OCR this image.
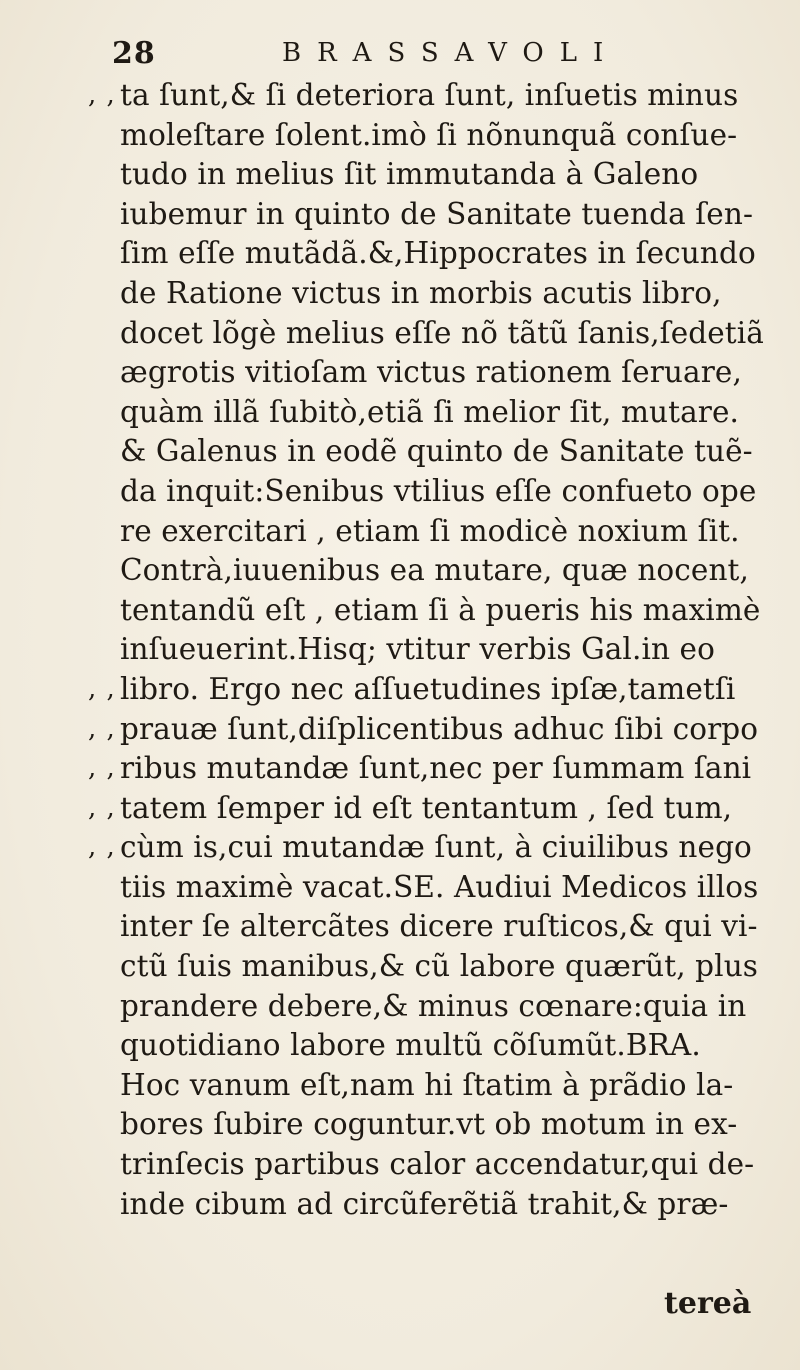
28	BRASSAVOLI
, , ta ſunt,& ſi deteriora ſunt, inſuetis minus
moleſtare ſolent.imò ſi nõnunquã conſue-
tudo in melius ſit immutanda à Galeno
iubemur in quinto de Sanitate tuenda ſen-
ſim eſſe mutãdã.&,Hippocrates in ſecundo
de Ratione victus in morbis acutis libro,
docet lõgè melius eſſe nõ tãtũ ſanis,ſedetiã
ægrotis vitioſam victus rationem ſeruare,
quàm illã ſubitò,etiã ſi melior ſit, mutare.
& Galenus in eodẽ quinto de Sanitate tuẽ-
da inquit:Senibus vtilius eſſe confueto ope
re exercitari , etiam ſi modicè noxium ſit.
Contrà,iuuenibus ea mutare, quæ nocent,
tentandũ eſt , etiam ſi à pueris his maximè
inſueuerint.Hisq; vtitur verbis Gal.in eo
, , libro. Ergo nec aſſuetudines ipſæ,tametſi
, , prauæ ſunt,diſplicentibus adhuc ſibi corpo
, , ribus mutandæ ſunt,nec per ſummam ſani
, , tatem ſemper id eſt tentantum , ſed tum,
, , cùm is,cui mutandæ ſunt, à ciuilibus nego
tiis maximè vacat.SE. Audiui Medicos illos
inter ſe altercãtes dicere ruſticos,& qui vi-
ctũ ſuis manibus,& cũ labore quærũt, plus
prandere debere,& minus cœnare:quia in
quotidiano labore multũ cõſumũt.BRA.
Hoc vanum eſt,nam hi ſtatim à prãdio la-
bores ſubire coguntur.vt ob motum in ex-
trinſecis partibus calor accendatur,qui de-
inde cibum ad circũferẽtiã trahit,& præ-
tereà
